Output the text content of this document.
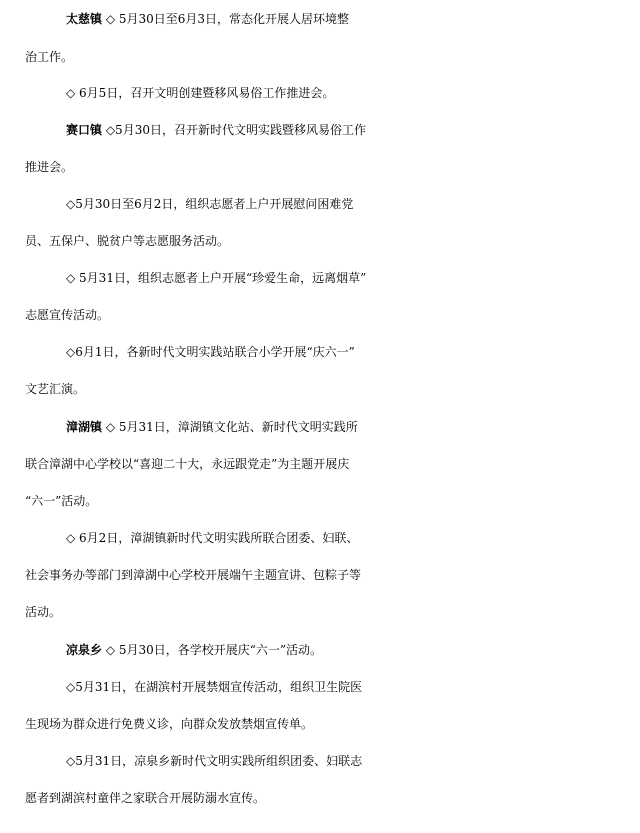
太慈镇 ◇ 5月30日至6月3日，常态化开展人居环境整
治工作。
◇ 6月5日，召开文明创建暨移风易俗工作推进会。
赛口镇 ◇5月30日，召开新时代文明实践暨移风易俗工作
推进会。
◇5月30日至6月2日，组织志愿者上户开展慰问困难党
员、五保户、脱贫户等志愿服务活动。
◇ 5月31日，组织志愿者上户开展“珍爱生命，远离烟草”
志愿宣传活动。
◇6月1日，各新时代文明实践站联合小学开展“庆六一”
文艺汇演。
漳湖镇 ◇ 5月31日，漳湖镇文化站、新时代文明实践所
联合漳湖中心学校以“喜迎二十大，永远跟党走”为主题开展庆
“六一”活动。
◇ 6月2日，漳湖镇新时代文明实践所联合团委、妇联、
社会事务办等部门到漳湖中心学校开展端午主题宣讲、包粽子等
活动。
凉泉乡 ◇ 5月30日，各学校开展庆“六一”活动。
◇5月31日，在湖滨村开展禁烟宣传活动，组织卫生院医
生现场为群众进行免费义诊，向群众发放禁烟宣传单。
◇5月31日，凉泉乡新时代文明实践所组织团委、妇联志
愿者到湖滨村童伴之家联合开展防溺水宣传。
